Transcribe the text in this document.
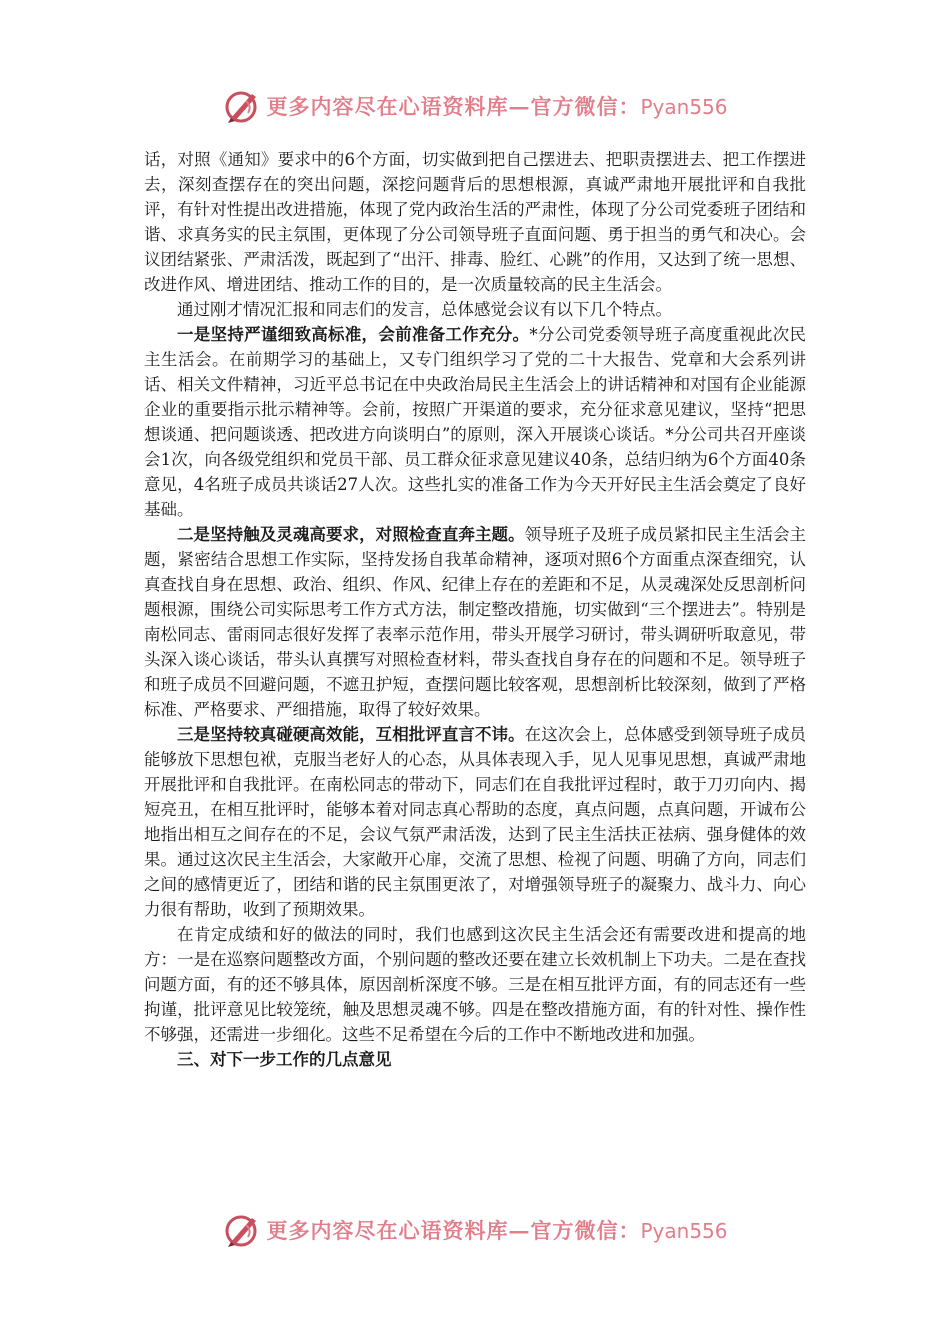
更多内容尽在心语资料库—官方微信：Pyan556

话，对照《通知》要求中的6个方面，切实做到把自己摆进去、把职责摆进去、把工作摆进去，深刻查摆存在的突出问题，深挖问题背后的思想根源，真诚严肃地开展批评和自我批评，有针对性提出改进措施，体现了党内政治生活的严肃性，体现了分公司党委班子团结和谐、求真务实的民主氛围，更体现了分公司领导班子直面问题、勇于担当的勇气和决心。会议团结紧张、严肃活泼，既起到了“出汗、排毒、脸红、心跳”的作用，又达到了统一思想、改进作风、增进团结、推动工作的目的，是一次质量较高的民主生活会。

通过刚才情况汇报和同志们的发言，总体感觉会议有以下几个特点。

一是坚持严谨细致高标准，会前准备工作充分。*分公司党委领导班子高度重视此次民主生活会。在前期学习的基础上，又专门组织学习了党的二十大报告、党章和大会系列讲话、相关文件精神，习近平总书记在中央政治局民主生活会上的讲话精神和对国有企业能源企业的重要指示批示精神等。会前，按照广开渠道的要求，充分征求意见建议，坚持“把思想谈通、把问题谈透、把改进方向谈明白”的原则，深入开展谈心谈话。*分公司共召开座谈会1次，向各级党组织和党员干部、员工群众征求意见建议40条，总结归纳为6个方面40条意见，4名班子成员共谈话27人次。这些扎实的准备工作为今天开好民主生活会奠定了良好基础。

二是坚持触及灵魂高要求，对照检查直奔主题。领导班子及班子成员紧扣民主生活会主题，紧密结合思想工作实际，坚持发扬自我革命精神，逐项对照6个方面重点深查细究，认真查找自身在思想、政治、组织、作风、纪律上存在的差距和不足，从灵魂深处反思剖析问题根源，围绕公司实际思考工作方式方法，制定整改措施，切实做到“三个摆进去”。特别是南松同志、雷雨同志很好发挥了表率示范作用，带头开展学习研讨，带头调研听取意见，带头深入谈心谈话，带头认真撰写对照检查材料，带头查找自身存在的问题和不足。领导班子和班子成员不回避问题，不遮丑护短，查摆问题比较客观，思想剖析比较深刻，做到了严格标准、严格要求、严细措施，取得了较好效果。

三是坚持较真碰硬高效能，互相批评直言不讳。在这次会上，总体感受到领导班子成员能够放下思想包袱，克服当老好人的心态，从具体表现入手，见人见事见思想，真诚严肃地开展批评和自我批评。在南松同志的带动下，同志们在自我批评过程时，敢于刀刃向内、揭短亮丑，在相互批评时，能够本着对同志真心帮助的态度，真点问题，点真问题，开诚布公地指出相互之间存在的不足，会议气氛严肃活泼，达到了民主生活扶正祛病、强身健体的效果。通过这次民主生活会，大家敞开心扉，交流了思想、检视了问题、明确了方向，同志们之间的感情更近了，团结和谐的民主氛围更浓了，对增强领导班子的凝聚力、战斗力、向心力很有帮助，收到了预期效果。

在肯定成绩和好的做法的同时，我们也感到这次民主生活会还有需要改进和提高的地方：一是在巡察问题整改方面，个别问题的整改还要在建立长效机制上下功夫。二是在查找问题方面，有的还不够具体，原因剖析深度不够。三是在相互批评方面，有的同志还有一些拘谨，批评意见比较笼统，触及思想灵魂不够。四是在整改措施方面，有的针对性、操作性不够强，还需进一步细化。这些不足希望在今后的工作中不断地改进和加强。

三、对下一步工作的几点意见

更多内容尽在心语资料库—官方微信：Pyan556
